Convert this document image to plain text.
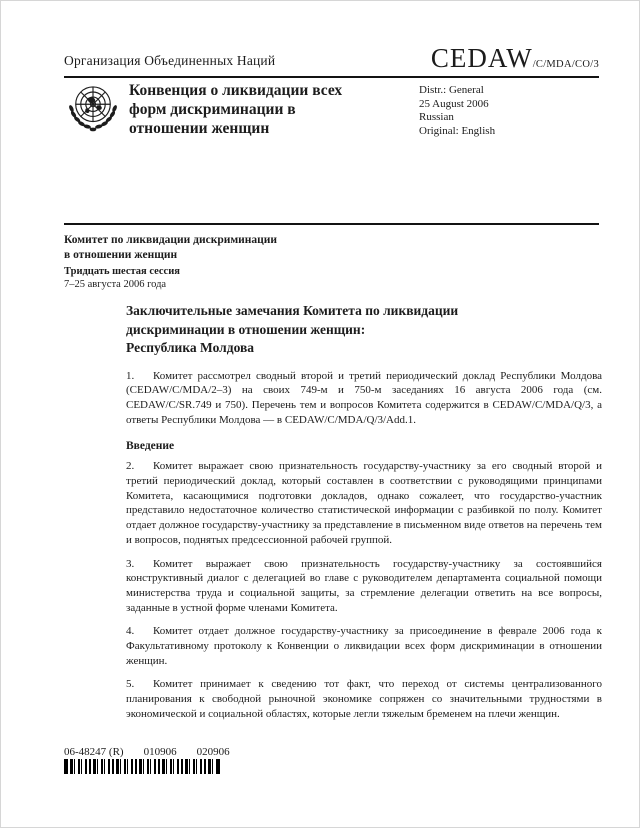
Организация Объединенных Наций	CEDAW/C/MDA/CO/3
Конвенция о ликвидации всех форм дискриминации в отношении женщин
Distr.: General
25 August 2006
Russian
Original: English
Комитет по ликвидации дискриминации
в отношении женщин
Тридцать шестая сессия
7–25 августа 2006 года
Заключительные замечания Комитета по ликвидации
дискриминации в отношении женщин:
Республика Молдова

1. Комитет рассмотрел сводный второй и третий периодический доклад Республики Молдова (CEDAW/C/MDA/2–3) на своих 749-м и 750-м заседаниях 16 августа 2006 года (см. CEDAW/C/SR.749 и 750). Перечень тем и вопросов Комитета содержится в CEDAW/C/MDA/Q/3, а ответы Республики Молдова — в CEDAW/C/MDA/Q/3/Add.1.

Введение

2. Комитет выражает свою признательность государству-участнику за его сводный второй и третий периодический доклад, который составлен в соответствии с руководящими принципами Комитета, касающимися подготовки докладов, однако сожалеет, что государство-участник представило недостаточное количество статистической информации с разбивкой по полу. Комитет отдает должное государству-участнику за представление в письменном виде ответов на перечень тем и вопросов, поднятых предсессионной рабочей группой.

3. Комитет выражает свою признательность государству-участнику за состоявшийся конструктивный диалог с делегацией во главе с руководителем департамента социальной помощи министерства труда и социальной защиты, за стремление делегации ответить на все вопросы, заданные в устной форме членами Комитета.

4. Комитет отдает должное государству-участнику за присоединение в феврале 2006 года к Факультативному протоколу к Конвенции о ликвидации всех форм дискриминации в отношении женщин.

5. Комитет принимает к сведению тот факт, что переход от системы централизованного планирования к свободной рыночной экономике сопряжен со значительными трудностями в экономической и социальной областях, которые легли тяжелым бременем на плечи женщин.

06-48247 (R) 010906 020906
